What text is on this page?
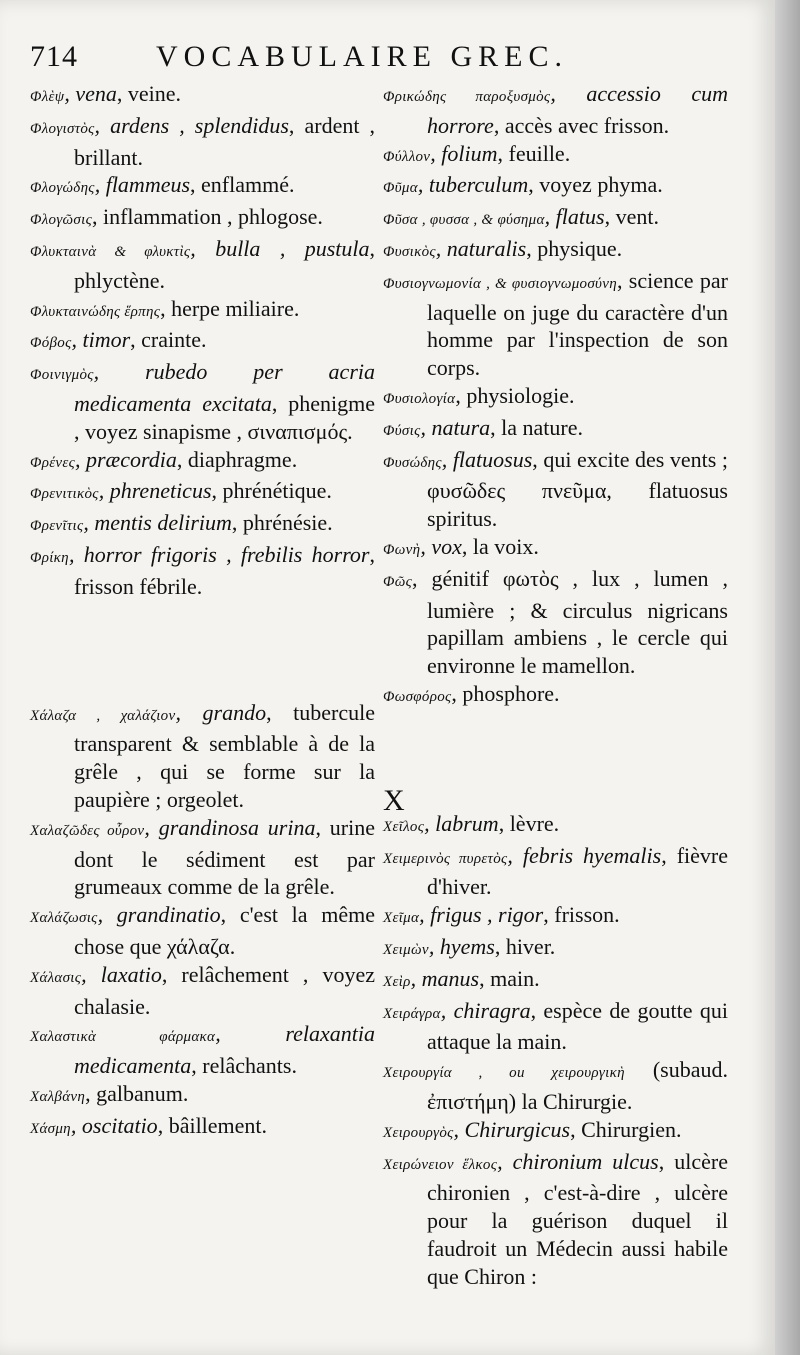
714	VOCABULAIRE GREC.
Φλὲψ, vena, veine.
Φλογιστὸς, ardens , splendidus, ardent , brillant.
Φλογώδης, flammeus, enflammé.
Φλογῶσις, inflammation , phlogose.
Φλυκταινὰ & φλυκτὶς, bulla , pustula, phlyctène.
Φλυκταινώδης ἕρπης, herpe miliaire.
Φόβος, timor, crainte.
Φοινιγμὸς, rubedo per acria medicamenta excitata, phenigme , voyez sinapisme , σιναπισμός.
Φρένες, præcordia, diaphragme.
Φρενιτικὸς, phreneticus, phrénétique.
Φρενῖτις, mentis delirium, phrénésie.
Φρίκη, horror frigoris , frebilis horror, frisson fébrile.
Χάλαζα , χαλάζιον, grando, tubercule transparent & semblable à de la grêle , qui se forme sur la paupière ; orgeolet.
Χαλαζῶδες οὖρον, grandinosa urina, urine dont le sédiment est par grumeaux comme de la grêle.
Χαλάζωσις, grandinatio, c'est la même chose que χάλαζα.
Χάλασις, laxatio, relâchement , voyez chalasie.
Χαλαστικὰ φάρμακα, relaxantia medicamenta, relâchants.
Χαλβάνη, galbanum.
Χάσμη, oscitatio, bâillement.
Φρικώδης παροξυσμὸς, accessio cum horrore, accès avec frisson.
Φύλλον, folium, feuille.
Φῦμα, tuberculum, voyez phyma.
Φῦσα , φυσσα , & φύσημα, flatus, vent.
Φυσικὸς, naturalis, physique.
Φυσιογνωμονία , & φυσιογνωμοσύνη, science par laquelle on juge du caractère d'un homme par l'inspection de son corps.
Φυσιολογία, physiologie.
Φύσις, natura, la nature.
Φυσώδης, flatuosus, qui excite des vents ; φυσῶδες πνεῦμα, flatuosus spiritus.
Φωνὴ, vox, la voix.
Φῶς, génitif φωτὸς , lux , lumen , lumière ; & circulus nigricans papillam ambiens , le cercle qui environne le mamellon.
Φωσφόρος, phosphore.
Χεῖλος, labrum, lèvre.
Χειμερινὸς πυρετὸς, febris hyemalis, fièvre d'hiver.
Χεῖμα, frigus , rigor, frisson.
Χειμὼν, hyems, hiver.
Χεὶρ, manus, main.
Χειράγρα, chiragra, espèce de goutte qui attaque la main.
Χειρουργία , ou χειρουργικὴ (subaud. ἐπιστήμη) la Chirurgie.
Χειρουργὸς, Chirurgicus, Chirurgien.
Χειρώνειον ἕλκος, chironium ulcus, ulcère chironien , c'est-à-dire , ulcère pour la guérison duquel il faudroit un Médecin aussi habile que Chiron :
X
